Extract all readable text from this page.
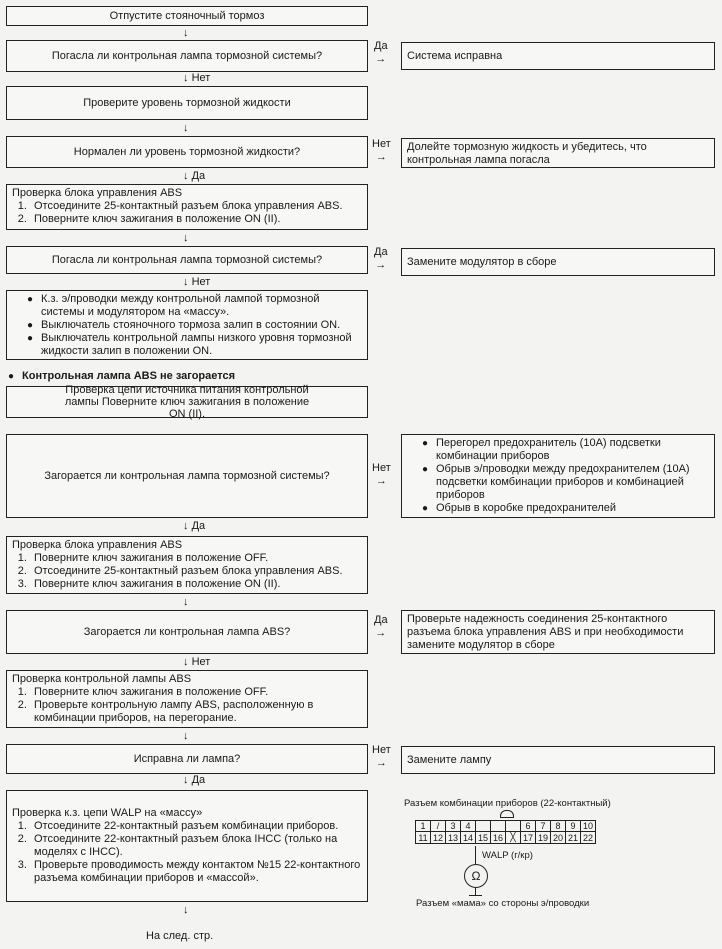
Отпустите стояночный тормоз
↓
Погасла ли контрольная лампа тормозной системы?
Да
→ Система исправна
↓ Нет
Проверите уровень тормозной жидкости
↓
Нормален ли уровень тормозной жидкости?
Нет
→
Долейте тормозную жидкость и убедитесь, что контрольная лампа погасла
↓ Да
Проверка блока управления ABS
1. Отсоедините 25-контактный разъем блока управления ABS.
2. Поверните ключ зажигания в положение ON (II).
↓
Погасла ли контрольная лампа тормозной системы?
Да
→ Замените модулятор в сборе
↓ Нет
● К.з. э/проводки между контрольной лампой тормозной системы и модулятором на «массу».
● Выключатель стояночного тормоза залип в состоянии ON.
● Выключатель контрольной лампы низкого уровня тормозной жидкости залип в положении ON.
● Контрольная лампа ABS не загорается
Проверка цепи источника питания контрольной лампы Поверните ключ зажигания в положение ON (II).
Загорается ли контрольная лампа тормозной системы?
Нет
→
● Перегорел предохранитель (10A) подсветки комбинации приборов
● Обрыв э/проводки между предохранителем (10A) подсветки комбинации приборов и комбинацией приборов
● Обрыв в коробке предохранителей
↓ Да
Проверка блока управления ABS
1. Поверните ключ зажигания в положение OFF.
2. Отсоедините 25-контактный разъем блока управления ABS.
3. Поверните ключ зажигания в положение ON (II).
↓
Загорается ли контрольная лампа ABS?
Да
→
Проверьте надежность соединения 25-контактного разъема блока управления ABS и при необходимости замените модулятор в сборе
↓ Нет
Проверка контрольной лампы ABS
1. Поверните ключ зажигания в положение OFF.
2. Проверьте контрольную лампу ABS, расположенную в комбинации приборов, на перегорание.
↓
Исправна ли лампа?
Нет
→	Замените лампу
↓ Да
Проверка к.з. цепи WALP на «массу»
1. Отсоедините 22-контактный разъем комбинации приборов.
2. Отсоедините 22-контактный разъем блока IHCC (только на моделях с IHCC).
3. Проверьте проводимость между контактом №15 22-контактного разъема комбинации приборов и «массой».
↓
На след. стр.
Разъем комбинации приборов (22-контактный)
1	/	3	4				6	7	8	9	10
11	12	13	14	15	16	╳	17	19	20	21	22
WALP (г/кр)
Ω
Разъем «мама» со стороны э/проводки
